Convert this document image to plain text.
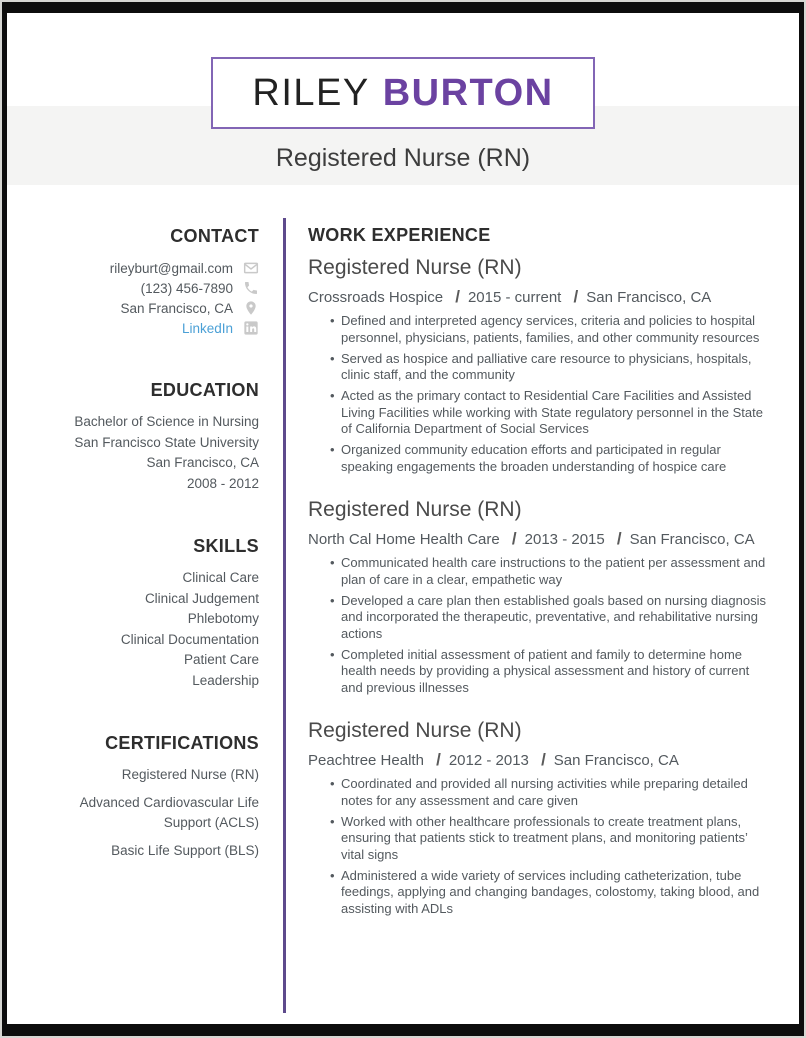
RILEY BURTON
Registered Nurse (RN)
CONTACT
rileyburt@gmail.com
(123) 456-7890
San Francisco, CA
LinkedIn
EDUCATION
Bachelor of Science in Nursing
San Francisco State University
San Francisco, CA
2008 - 2012
SKILLS
Clinical Care
Clinical Judgement
Phlebotomy
Clinical Documentation
Patient Care
Leadership
CERTIFICATIONS
Registered Nurse (RN)
Advanced Cardiovascular Life Support (ACLS)
Basic Life Support (BLS)
WORK EXPERIENCE
Registered Nurse (RN)
Crossroads Hospice / 2015 - current / San Francisco, CA
• Defined and interpreted agency services, criteria and policies to hospital personnel, physicians, patients, families, and other community resources
• Served as hospice and palliative care resource to physicians, hospitals, clinic staff, and the community
• Acted as the primary contact to Residential Care Facilities and Assisted Living Facilities while working with State regulatory personnel in the State of California Department of Social Services
• Organized community education efforts and participated in regular speaking engagements the broaden understanding of hospice care
Registered Nurse (RN)
North Cal Home Health Care / 2013 - 2015 / San Francisco, CA
• Communicated health care instructions to the patient per assessment and plan of care in a clear, empathetic way
• Developed a care plan then established goals based on nursing diagnosis and incorporated the therapeutic, preventative, and rehabilitative nursing actions
• Completed initial assessment of patient and family to determine home health needs by providing a physical assessment and history of current and previous illnesses
Registered Nurse (RN)
Peachtree Health / 2012 - 2013 / San Francisco, CA
• Coordinated and provided all nursing activities while preparing detailed notes for any assessment and care given
• Worked with other healthcare professionals to create treatment plans, ensuring that patients stick to treatment plans, and monitoring patients’ vital signs
• Administered a wide variety of services including catheterization, tube feedings, applying and changing bandages, colostomy, taking blood, and assisting with ADLs
